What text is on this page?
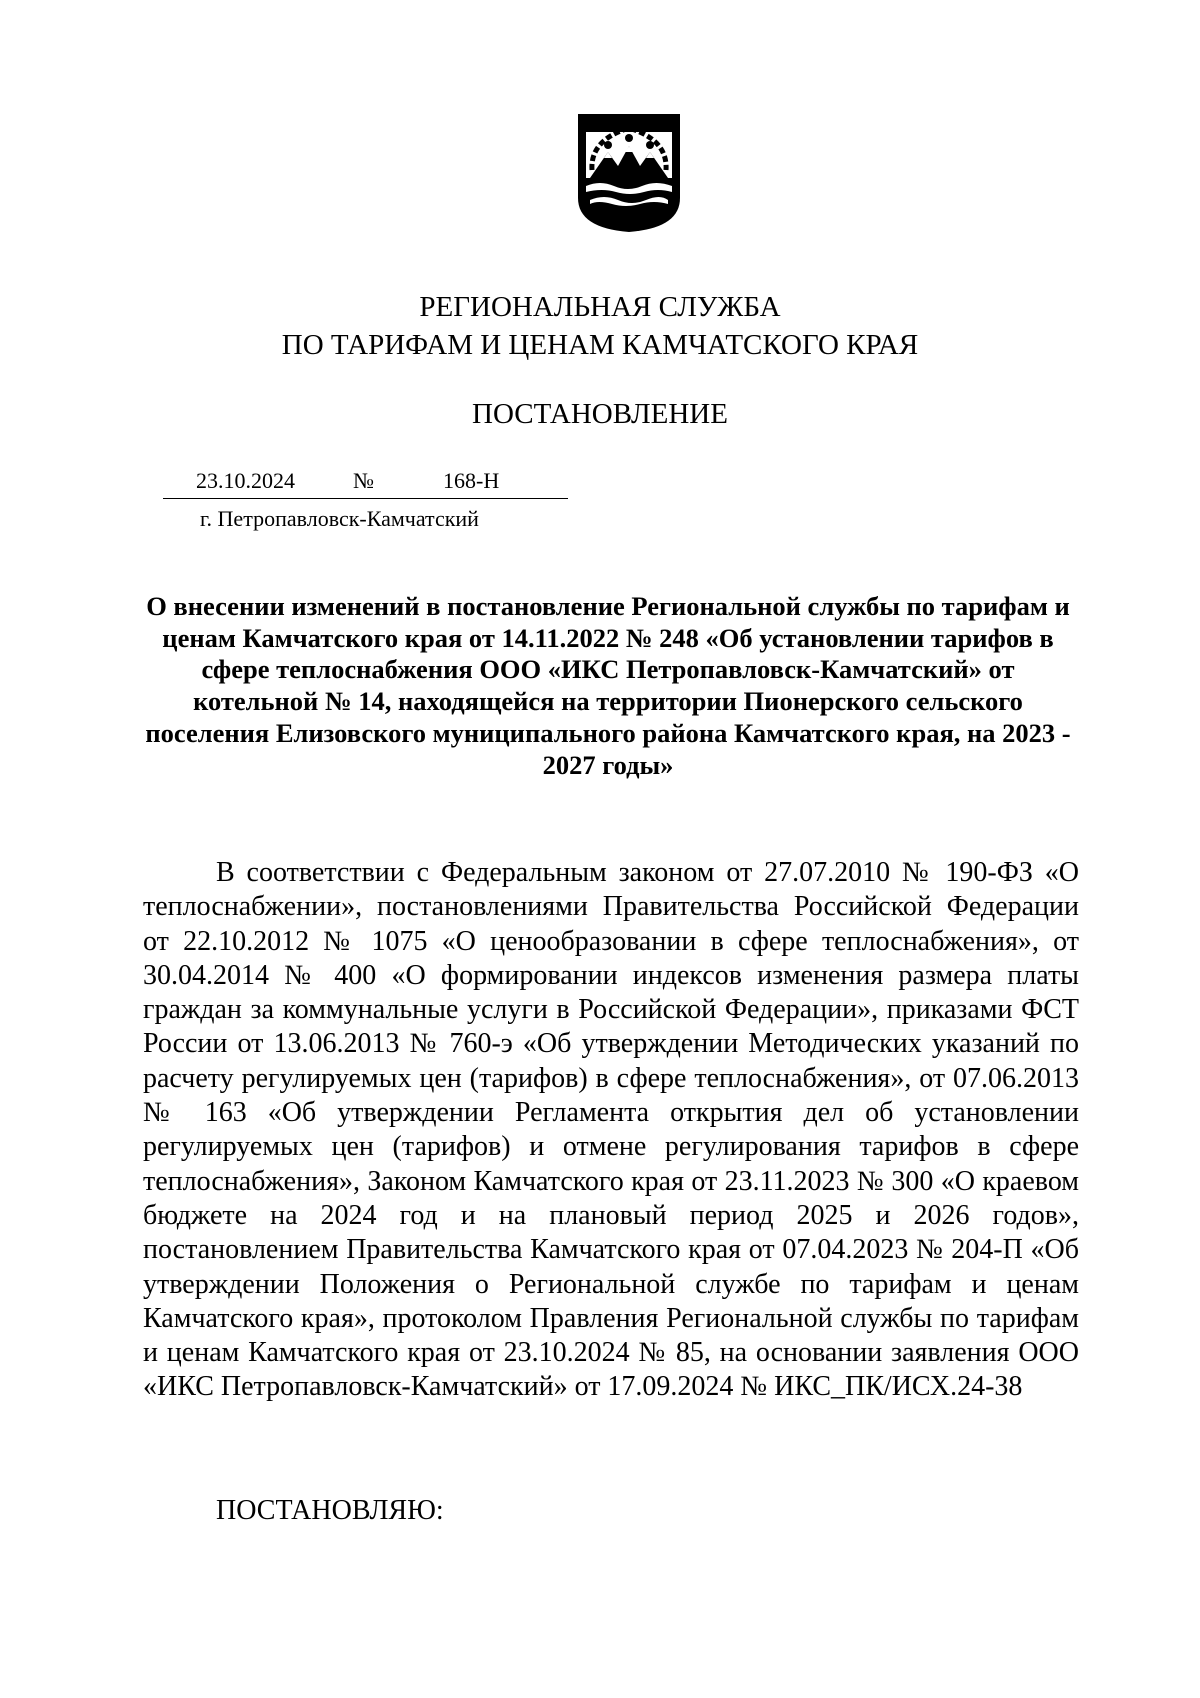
РЕГИОНАЛЬНАЯ СЛУЖБА
ПО ТАРИФАМ И ЦЕНАМ КАМЧАТСКОГО КРАЯ
ПОСТАНОВЛЕНИЕ
23.10.2024	№	168-Н
г. Петропавловск-Камчатский
О внесении изменений в постановление Региональной службы по тарифам и ценам Камчатского края от 14.11.2022 № 248 «Об установлении тарифов в сфере теплоснабжения ООО «ИКС Петропавловск-Камчатский» от котельной № 14, находящейся на территории Пионерского сельского поселения Елизовского муниципального района Камчатского края, на 2023 - 2027 годы»

В соответствии с Федеральным законом от 27.07.2010 № 190-ФЗ «О теплоснабжении», постановлениями Правительства Российской Федерации от 22.10.2012 № 1075 «О ценообразовании в сфере теплоснабжения», от 30.04.2014 № 400 «О формировании индексов изменения размера платы граждан за коммунальные услуги в Российской Федерации», приказами ФСТ России от 13.06.2013 № 760-э «Об утверждении Методических указаний по расчету регулируемых цен (тарифов) в сфере теплоснабжения», от 07.06.2013 № 163 «Об утверждении Регламента открытия дел об установлении регулируемых цен (тарифов) и отмене регулирования тарифов в сфере теплоснабжения», Законом Камчатского края от 23.11.2023 № 300 «О краевом бюджете на 2024 год и на плановый период 2025 и 2026 годов», постановлением Правительства Камчатского края от 07.04.2023 № 204-П «Об утверждении Положения о Региональной службе по тарифам и ценам Камчатского края», протоколом Правления Региональной службы по тарифам и ценам Камчатского края от 23.10.2024 № 85, на основании заявления ООО «ИКС Петропавловск-Камчатский» от 17.09.2024 № ИКС_ПК/ИСХ.24-38

ПОСТАНОВЛЯЮ:
